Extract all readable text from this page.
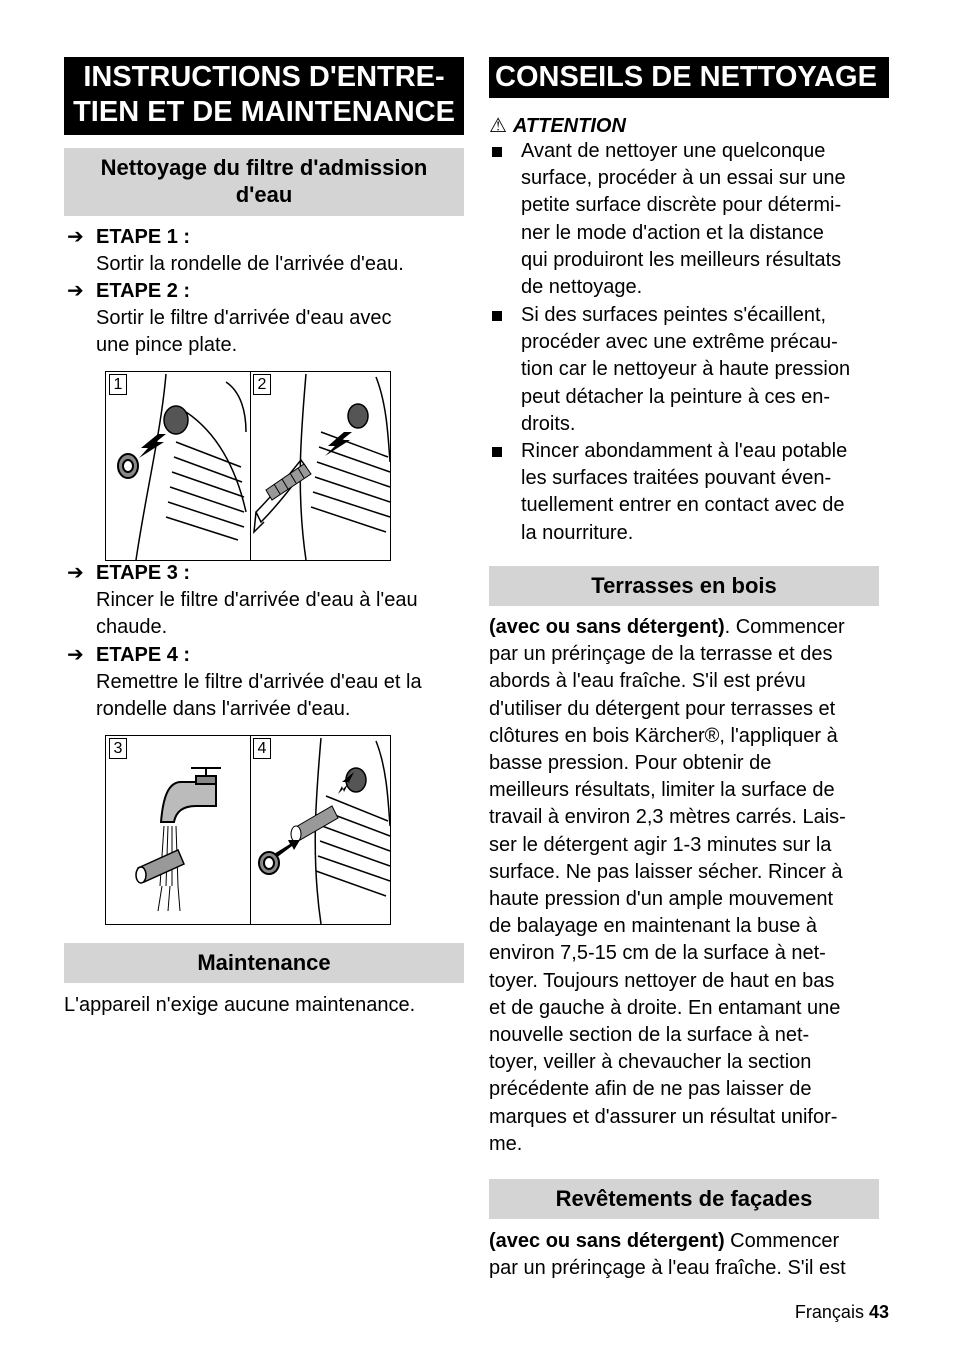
INSTRUCTIONS D'ENTRE-
TIEN ET DE MAINTENANCE
Nettoyage du filtre d'admission
d'eau
➔ ETAPE 1 :
Sortir la rondelle de l'arrivée d'eau.
➔ ETAPE 2 :
Sortir le filtre d'arrivée d'eau avec
une pince plate.
1	2
➔ ETAPE 3 :
Rincer le filtre d'arrivée d'eau à l'eau
chaude.
➔ ETAPE 4 :
Remettre le filtre d'arrivée d'eau et la
rondelle dans l'arrivée d'eau.
3	4
Maintenance
L'appareil n'exige aucune maintenance.
CONSEILS DE NETTOYAGE
⚠ ATTENTION
Avant de nettoyer une quelconque
surface, procéder à un essai sur une
petite surface discrète pour détermi-
ner le mode d'action et la distance
qui produiront les meilleurs résultats
de nettoyage.
Si des surfaces peintes s'écaillent,
procéder avec une extrême précau-
tion car le nettoyeur à haute pression
peut détacher la peinture à ces en-
droits.
Rincer abondamment à l'eau potable
les surfaces traitées pouvant éven-
tuellement entrer en contact avec de
la nourriture.
Terrasses en bois
(avec ou sans détergent). Commencer
par un prérinçage de la terrasse et des
abords à l'eau fraîche. S'il est prévu
d'utiliser du détergent pour terrasses et
clôtures en bois Kärcher®, l'appliquer à
basse pression. Pour obtenir de
meilleurs résultats, limiter la surface de
travail à environ 2,3 mètres carrés. Lais-
ser le détergent agir 1-3 minutes sur la
surface. Ne pas laisser sécher. Rincer à
haute pression d'un ample mouvement
de balayage en maintenant la buse à
environ 7,5-15 cm de la surface à net-
toyer. Toujours nettoyer de haut en bas
et de gauche à droite. En entamant une
nouvelle section de la surface à net-
toyer, veiller à chevaucher la section
précédente afin de ne pas laisser de
marques et d'assurer un résultat unifor-
me.
Revêtements de façades
(avec ou sans détergent) Commencer
par un prérinçage à l'eau fraîche. S'il est
Français 43
